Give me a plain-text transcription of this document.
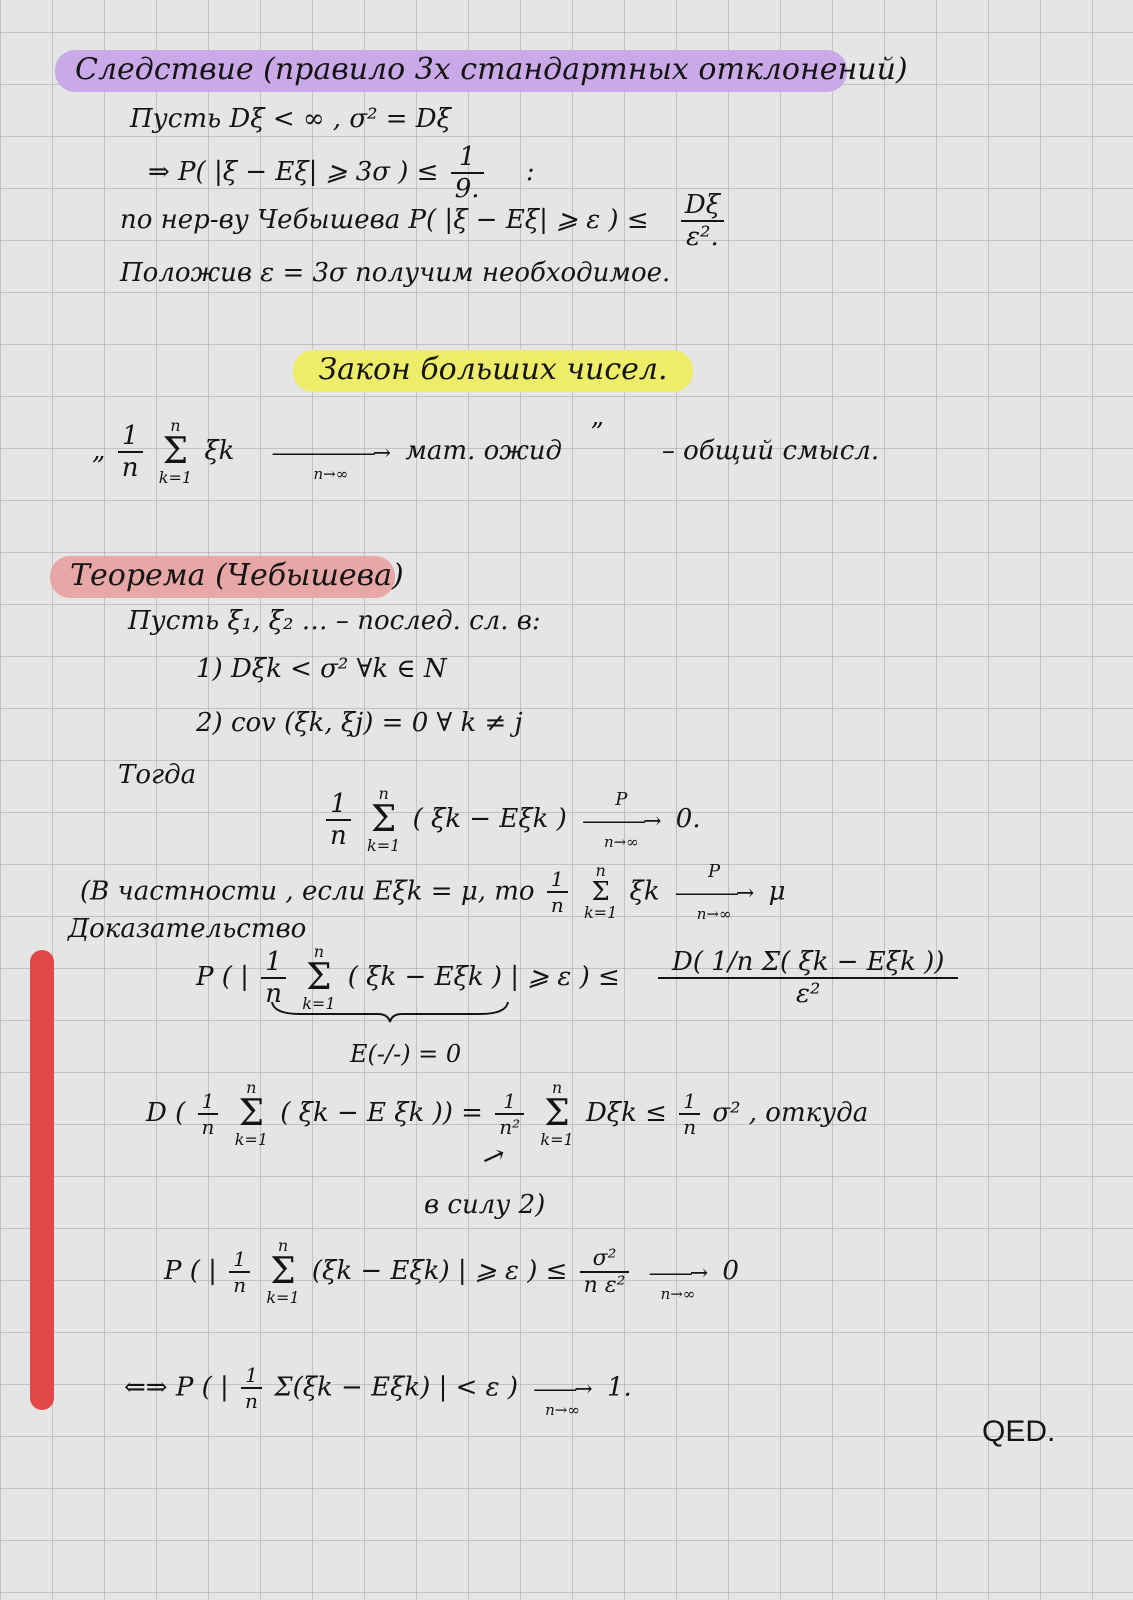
Следствие (правило 3х стандартных отклонений)
Пусть Dξ < ∞ , σ² = Dξ
⇒ P( |ξ − Eξ| ⩾ 3σ ) ≤ $\frac{1}{9.}$ :
по нер-ву Чебышева P( |ξ − Eξ| ⩾ ε ) ≤ $\frac{D\xi}{\text{ε².}}$
Положив ε = 3σ получим необходимое.
Закон больших чисел.
„ $\frac{1}{n}$
	n
Σ
k=1
ξk ―――――→
n→∞
мат. ожид ” – общий смысл.
Теорема (Чебышева)
Пусть ξ₁, ξ₂ … – послед. сл. в:
1) Dξk < σ² ∀k ∈ N
2) cov (ξk, ξj) = 0 ∀ k ≠ j
Тогда
$\frac{1}{n}$
	n
Σ
k=1
( ξk − Eξk )
P
―――→
n→∞
0.
(В частности , если Eξk = μ, то $\frac{1}{n}$
	n
Σ
k=1
ξk
P
―――→
n→∞
μ
Доказательство
P ( | $\frac{1}{n}$
	n
Σ
k=1
( ξk − Eξk ) | ⩾ ε ) ≤ $\frac{\text{D( 1/n Σ( ξk − Eξk ))}}{\text{ε²}}$
E(-/-) = 0
D ( $\frac{1}{n}$

n
Σ
k=1
( ξk − E ξk )) = $\frac{1}{\text{n²}}$

n
Σ
k=1
$D\xi k \le \frac{1}{n} \sigma^2$ , откуда
↗
в силу 2)
P ( | $\frac{1}{n}$

n
Σ
k=1
(ξk − Eξk) | ⩾ ε ) ≤ $\frac{\text{σ²}}{\text{n ε²}}$
――→
n→∞
0
⇐⇒ P ( | $\frac{1}{n} \Sigma(\xi k - E\xi k)$ | < ε ) ――→
n→∞
1.
QED.
